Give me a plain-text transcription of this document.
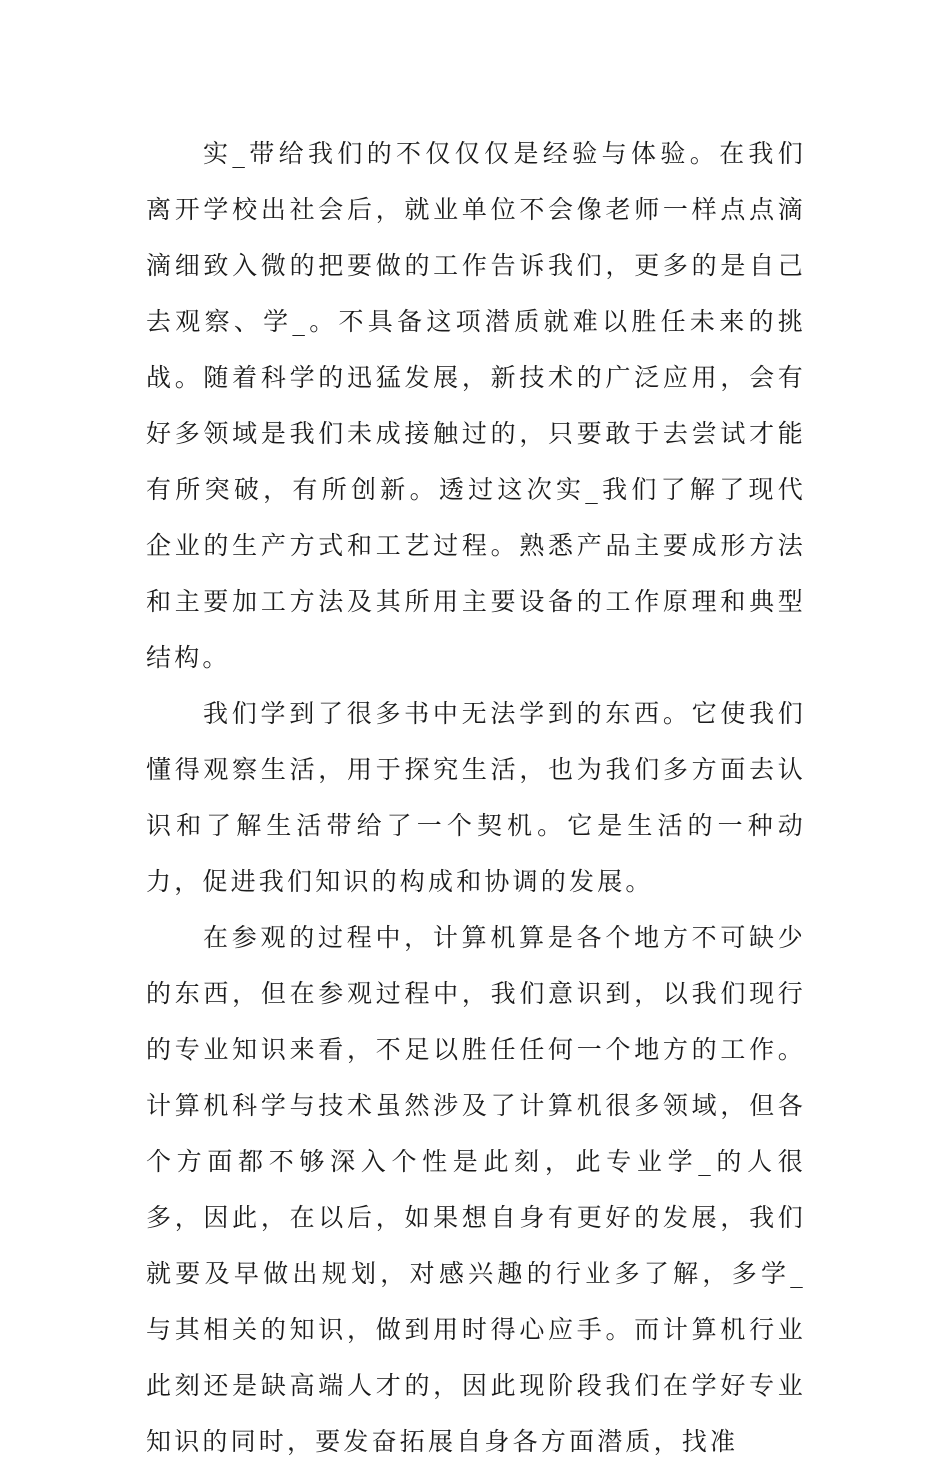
实_带给我们的不仅仅仅是经验与体验。在我们离开学校出社会后，就业单位不会像老师一样点点滴滴细致入微的把要做的工作告诉我们，更多的是自己去观察、学_。不具备这项潜质就难以胜任未来的挑战。随着科学的迅猛发展，新技术的广泛应用，会有好多领域是我们未成接触过的，只要敢于去尝试才能有所突破，有所创新。透过这次实_我们了解了现代企业的生产方式和工艺过程。熟悉产品主要成形方法和主要加工方法及其所用主要设备的工作原理和典型结构。

我们学到了很多书中无法学到的东西。它使我们懂得观察生活，用于探究生活，也为我们多方面去认识和了解生活带给了一个契机。它是生活的一种动力，促进我们知识的构成和协调的发展。

在参观的过程中，计算机算是各个地方不可缺少的东西，但在参观过程中，我们意识到，以我们现行的专业知识来看，不足以胜任任何一个地方的工作。计算机科学与技术虽然涉及了计算机很多领域，但各个方面都不够深入个性是此刻，此专业学_的人很多，因此，在以后，如果想自身有更好的发展，我们就要及早做出规划，对感兴趣的行业多了解，多学_与其相关的知识，做到用时得心应手。而计算机行业此刻还是缺高端人才的，因此现阶段我们在学好专业知识的同时，要发奋拓展自身各方面潜质，找准
